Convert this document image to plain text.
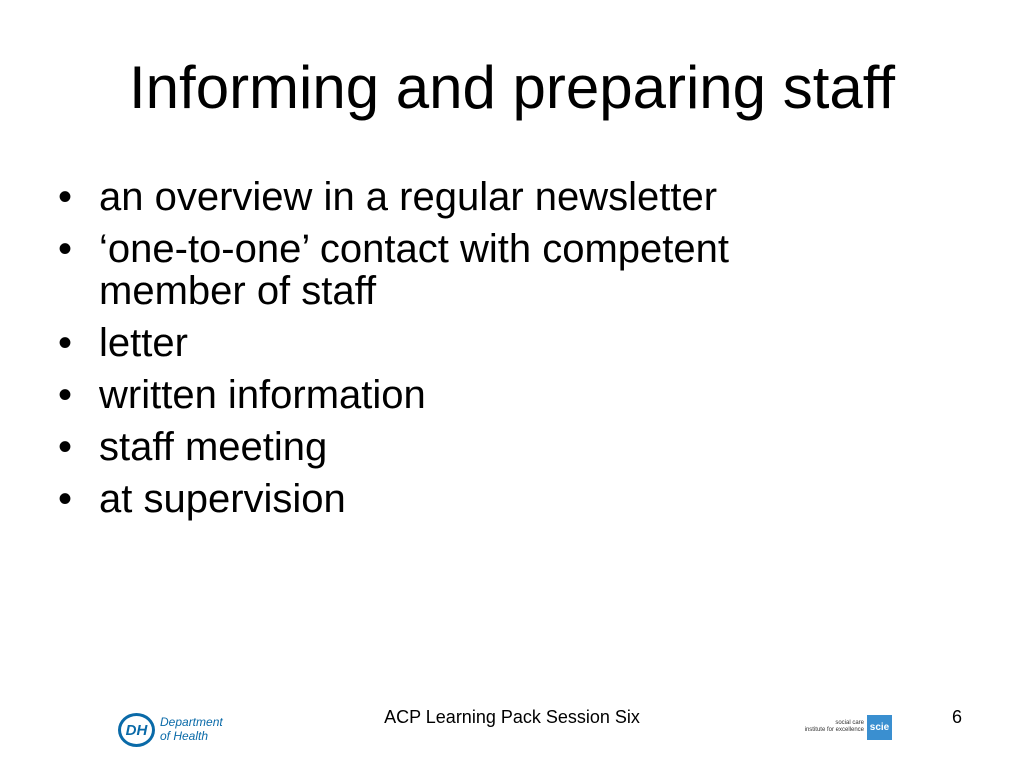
Informing and preparing staff
• an overview in a regular newsletter
• ‘one-to-one’ contact with competent member of staff
• letter
• written information
• staff meeting
• at supervision
DH	Department
of Health
ACP Learning Pack Session Six	social care
institute for excellence scie
6
